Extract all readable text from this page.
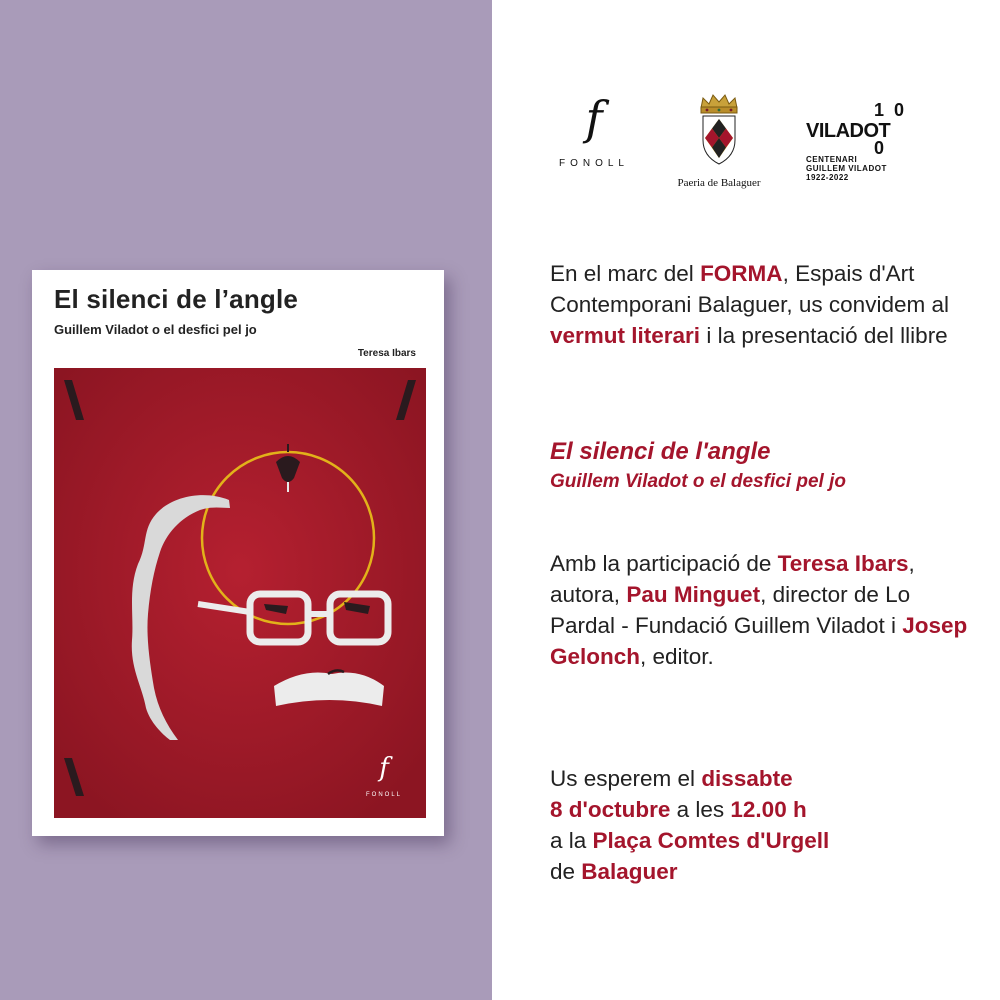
El silenci de l’angle
Guillem Viladot o el desfici pel jo
Teresa Ibars
f
FONOLL
f
FONOLL
Paeria de Balaguer
1
VILADOT
0
0
CENTENARI
GUILLEM VILADOT
1922-2022
En el marc del FORMA, Espais d'Art Contemporani Balaguer, us convidem al vermut literari i la presentació del llibre
El silenci de l'angle
Guillem Viladot o el desfici pel jo
Amb la participació de Teresa Ibars, autora, Pau Minguet, director de Lo Pardal - Fundació Guillem Viladot i Josep Gelonch, editor.
Us esperem el dissabte
8 d'octubre a les 12.00 h
a la Plaça Comtes d'Urgell
de Balaguer
